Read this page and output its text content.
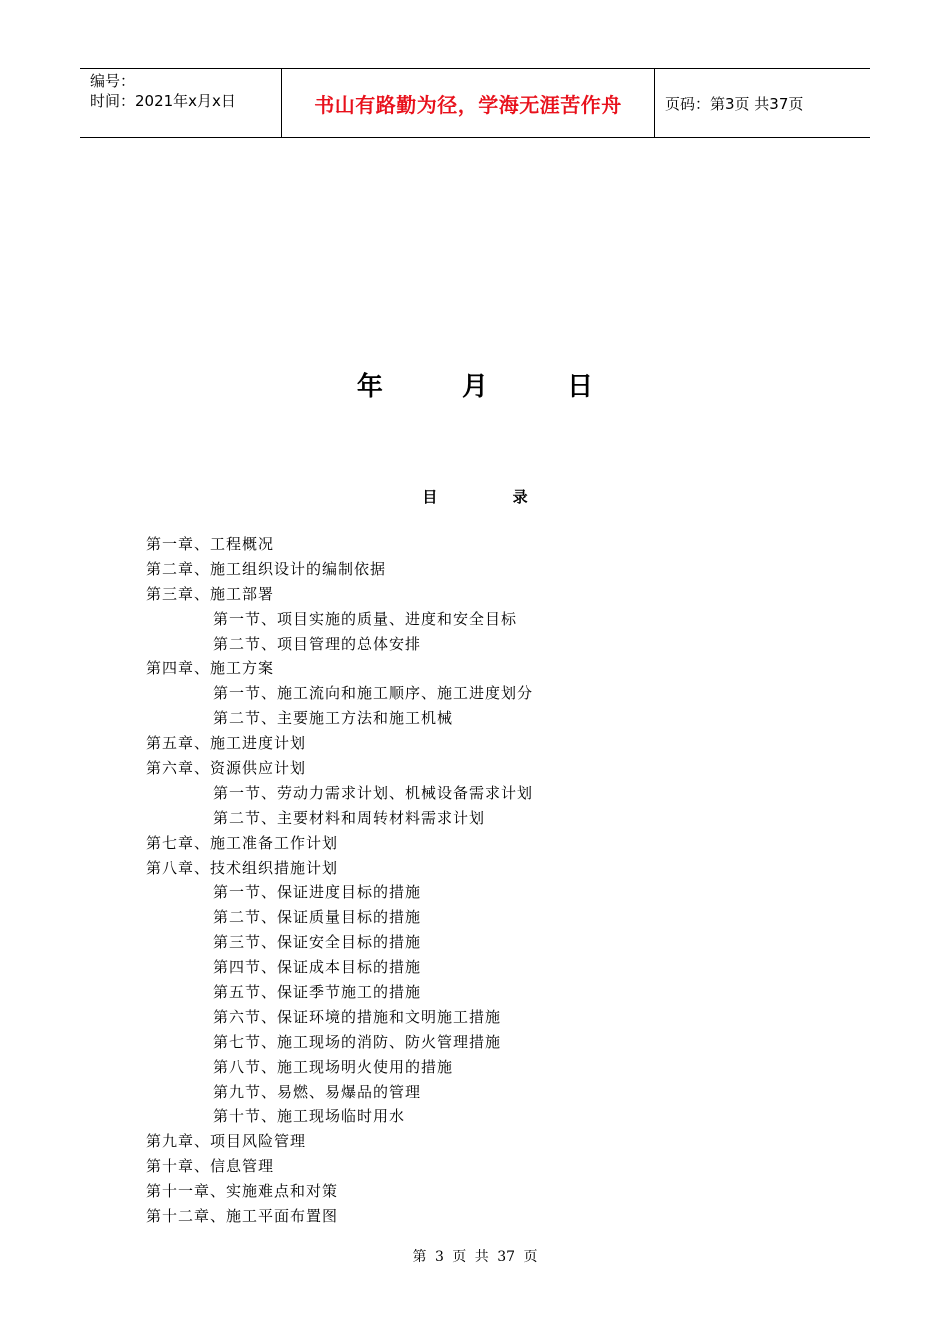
编号：
时间：2021年x月x日	书山有路勤为径，学海无涯苦作舟	页码：第3页 共37页
年	月	日
目	录
第一章、工程概况
第二章、施工组织设计的编制依据
第三章、施工部署
第一节、项目实施的质量、进度和安全目标
第二节、项目管理的总体安排
第四章、施工方案
第一节、施工流向和施工顺序、施工进度划分
第二节、主要施工方法和施工机械
第五章、施工进度计划
第六章、资源供应计划
第一节、劳动力需求计划、机械设备需求计划
第二节、主要材料和周转材料需求计划
第七章、施工准备工作计划
第八章、技术组织措施计划
第一节、保证进度目标的措施
第二节、保证质量目标的措施
第三节、保证安全目标的措施
第四节、保证成本目标的措施
第五节、保证季节施工的措施
第六节、保证环境的措施和文明施工措施
第七节、施工现场的消防、防火管理措施
第八节、施工现场明火使用的措施
第九节、易燃、易爆品的管理
第十节、施工现场临时用水
第九章、项目风险管理
第十章、信息管理
第十一章、实施难点和对策
第十二章、施工平面布置图
第 3 页 共 37 页
